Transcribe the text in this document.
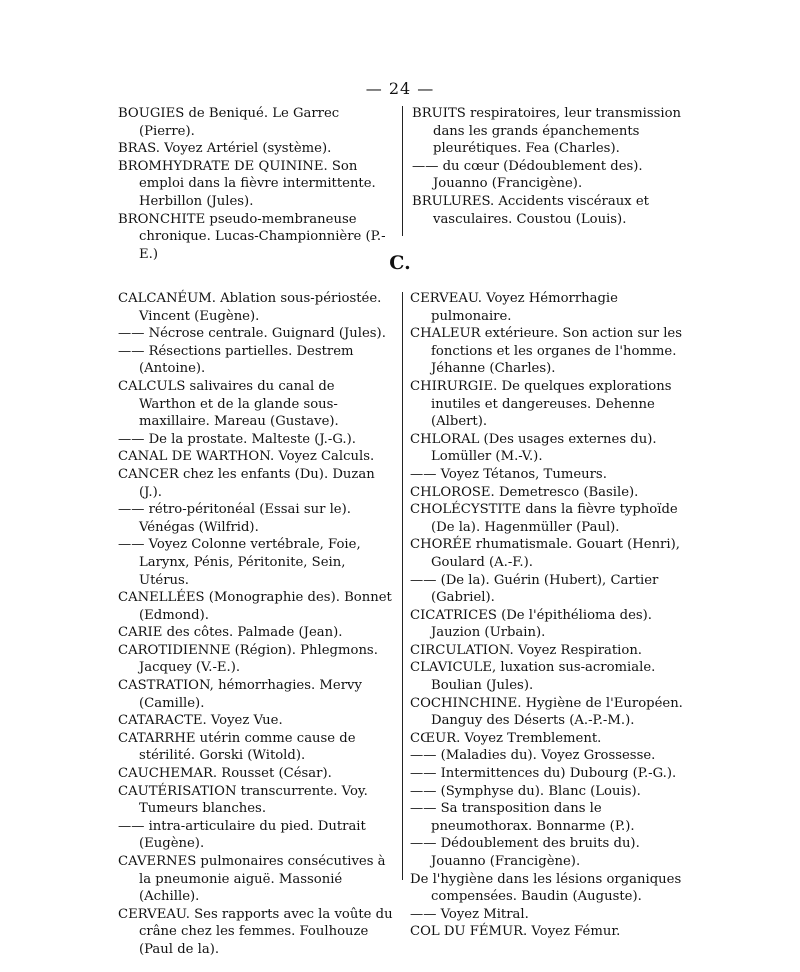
— 24 —
BOUGIES de Beniqué. Le Garrec (Pierre).
BRAS. Voyez Artériel (système).
BROMHYDRATE DE QUININE. Son emploi dans la fièvre intermittente. Herbillon (Jules).
BRONCHITE pseudo-membraneuse chronique. Lucas-Championnière (P.-E.)
BRUITS respiratoires, leur transmission dans les grands épanchements pleurétiques. Fea (Charles).
—— du cœur (Dédoublement des). Jouanno (Francigène).
BRULURES. Accidents viscéraux et vasculaires. Coustou (Louis).
C.
CALCANÉUM. Ablation sous-périostée. Vincent (Eugène).
—— Nécrose centrale. Guignard (Jules).
—— Résections partielles. Destrem (Antoine).
CALCULS salivaires du canal de Warthon et de la glande sous-maxillaire. Mareau (Gustave).
—— De la prostate. Malteste (J.-G.).
CANAL DE WARTHON. Voyez Calculs.
CANCER chez les enfants (Du). Duzan (J.).
—— rétro-péritonéal (Essai sur le). Vénégas (Wilfrid).
—— Voyez Colonne vertébrale, Foie, Larynx, Pénis, Péritonite, Sein, Utérus.
CANELLÉES (Monographie des). Bonnet (Edmond).
CARIE des côtes. Palmade (Jean).
CAROTIDIENNE (Région). Phlegmons. Jacquey (V.-E.).
CASTRATION, hémorrhagies. Mervy (Camille).
CATARACTE. Voyez Vue.
CATARRHE utérin comme cause de stérilité. Gorski (Witold).
CAUCHEMAR. Rousset (César).
CAUTÉRISATION transcurrente. Voy. Tumeurs blanches.
—— intra-articulaire du pied. Dutrait (Eugène).
CAVERNES pulmonaires consécutives à la pneumonie aiguë. Massonié (Achille).
CERVEAU. Ses rapports avec la voûte du crâne chez les femmes. Foulhouze (Paul de la).
CERVEAU. Voyez Hémorrhagie pulmonaire.
CHALEUR extérieure. Son action sur les fonctions et les organes de l'homme. Jéhanne (Charles).
CHIRURGIE. De quelques explorations inutiles et dangereuses. Dehenne (Albert).
CHLORAL (Des usages externes du). Lomüller (M.-V.).
—— Voyez Tétanos, Tumeurs.
CHLOROSE. Demetresco (Basile).
CHOLÉCYSTITE dans la fièvre typhoïde (De la). Hagenmüller (Paul).
CHORÉE rhumatismale. Gouart (Henri), Goulard (A.-F.).
—— (De la). Guérin (Hubert), Cartier (Gabriel).
CICATRICES (De l'épithélioma des). Jauzion (Urbain).
CIRCULATION. Voyez Respiration.
CLAVICULE, luxation sus-acromiale. Boulian (Jules).
COCHINCHINE. Hygiène de l'Européen. Danguy des Déserts (A.-P.-M.).
CŒUR. Voyez Tremblement.
—— (Maladies du). Voyez Grossesse.
—— Intermittences du) Dubourg (P.-G.).
—— (Symphyse du). Blanc (Louis).
—— Sa transposition dans le pneumothorax. Bonnarme (P.).
—— Dédoublement des bruits du). Jouanno (Francigène).
De l'hygiène dans les lésions organiques compensées. Baudin (Auguste).
—— Voyez Mitral.
COL DU FÉMUR. Voyez Fémur.
